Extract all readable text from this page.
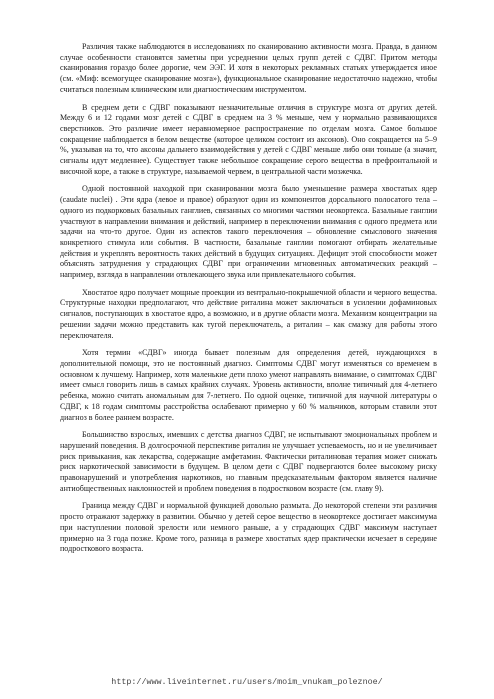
Различия также наблюдаются в исследованиях по сканированию активности мозга. Правда, в данном случае особенности становятся заметны при усреднении целых групп детей с СДВГ. Притом методы сканирования гораздо более дорогие, чем ЭЭГ. И хотя в некоторых рекламных статьях утверждается иное (см. «Миф: всемогущее сканирование мозга»), функциональное сканирование недостаточно надежно, чтобы считаться полезным клиническим или диагностическим инструментом.

В среднем дети с СДВГ показывают незначительные отличия в структуре мозга от других детей. Между 6 и 12 годами мозг детей с СДВГ в среднем на 3 % меньше, чем у нормально развивающихся сверстников. Это различие имеет неравномерное распространение по отделам мозга. Самое большое сокращение наблюдается в белом веществе (которое целиком состоит из аксонов). Оно сокращается на 5–9 %, указывая на то, что аксоны дальнего взаимодействия у детей с СДВГ меньше либо они тоньше (а значит, сигналы идут медленнее). Существует также небольшое сокращение серого вещества в префронтальной и височной коре, а также в структуре, называемой червем, в центральной части мозжечка.

Одной постоянной находкой при сканировании мозга было уменьшение размера хвостатых ядер (caudate nuclei) . Эти ядра (левое и правое) образуют один из компонентов дорсального полосатого тела – одного из подкорковых базальных ганглиев, связанных со многими частями неокортекса. Базальные ганглии участвуют в направлении внимания и действий, например в переключении внимания с одного предмета или задачи на что-то другое. Один из аспектов такого переключения – обновление смыслового значения конкретного стимула или события. В частности, базальные ганглии помогают отбирать желательные действия и укреплять вероятность таких действий в будущих ситуациях. Дефицит этой способности может объяснять затруднения у страдающих СДВГ при ограничении мгновенных автоматических реакций – например, взгляда в направлении отвлекающего звука или привлекательного события.

Хвостатое ядро получает мощные проекции из вентрально-покрышечной области и черного вещества. Структурные находки предполагают, что действие риталина может заключаться в усилении дофаминовых сигналов, поступающих в хвостатое ядро, а возможно, и в другие области мозга. Механизм концентрации на решении задачи можно представить как тугой переключатель, а риталин – как смазку для работы этого переключателя.

Хотя термин «СДВГ» иногда бывает полезным для определения детей, нуждающихся в дополнительной помощи, это не постоянный диагноз. Симптомы СДВГ могут изменяться со временем в основном к лучшему. Например, хотя маленькие дети плохо умеют направлять внимание, о симптомах СДВГ имеет смысл говорить лишь в самых крайних случаях. Уровень активности, вполне типичный для 4-летнего ребенка, можно считать аномальным для 7-летнего. По одной оценке, типичной для научной литературы о СДВГ, к 18 годам симптомы расстройства ослабевают примерно у 60 % мальчиков, которым ставили этот диагноз в более раннем возрасте.

Большинство взрослых, имевших с детства диагноз СДВГ, не испытывают эмоциональных проблем и нарушений поведения. В долгосрочной перспективе риталин не улучшает успеваемость, но и не увеличивает риск привыкания, как лекарства, содержащие амфетамин. Фактически риталиновая терапия может снижать риск наркотической зависимости в будущем. В целом дети с СДВГ подвергаются более высокому риску правонарушений и употребления наркотиков, но главным предсказательным фактором является наличие антиобщественных наклонностей и проблем поведения в подростковом возрасте (см. главу 9).

Граница между СДВГ и нормальной функцией довольно размыта. До некоторой степени эти различия просто отражают задержку в развитии. Обычно у детей серое вещество в неокортексе достигает максимума при наступлении половой зрелости или немного раньше, а у страдающих СДВГ максимум наступает примерно на 3 года позже. Кроме того, разница в размере хвостатых ядер практически исчезает в середине подросткового возраста.

http://www.liveinternet.ru/users/moim_vnukam_poleznoe/
